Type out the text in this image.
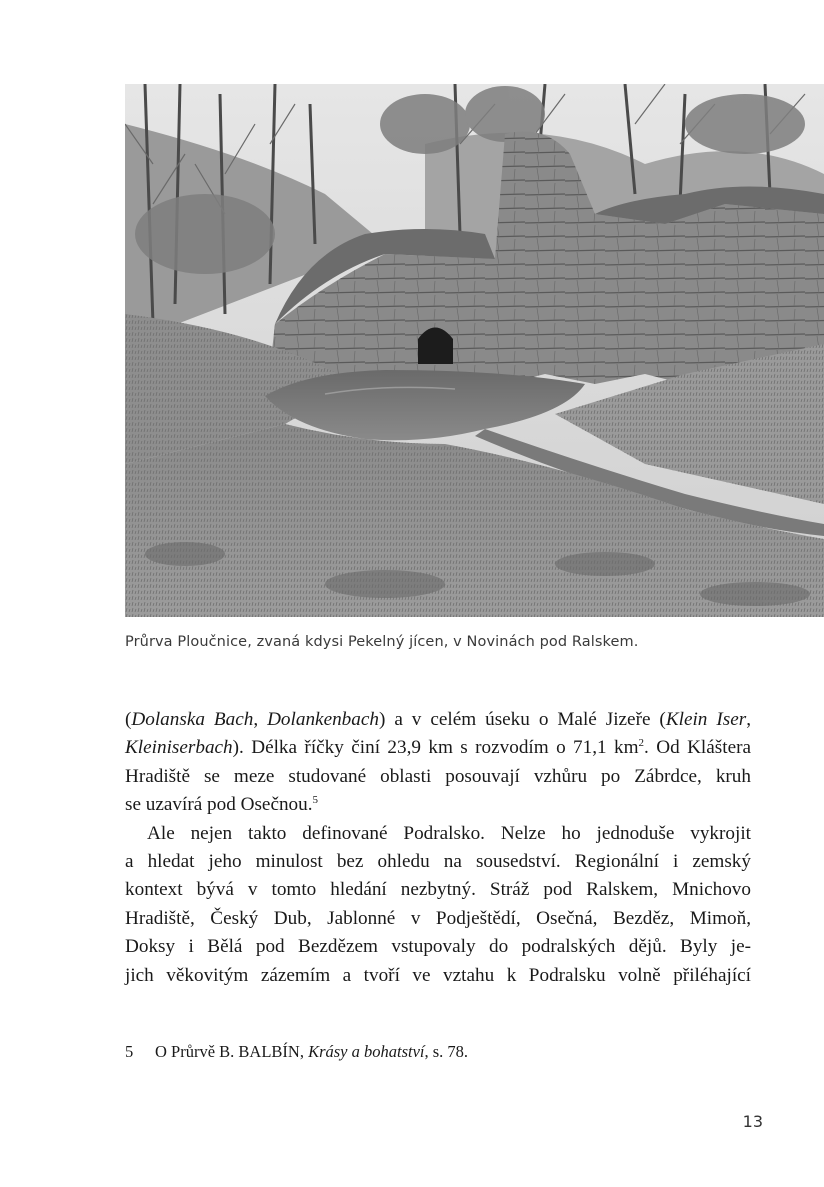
Průrva Ploučnice, zvaná kdysi Pekelný jícen, v Novinách pod Ralskem.
(Dolanska Bach, Dolankenbach) a v celém úseku o Malé Jizeře (Klein Iser,
Kleiniserbach). Délka říčky činí 23,9 km s rozvodím o 71,1 $km^2$. Od Kláštera
Hradiště se meze studované oblasti posouvají vzhůru po Zábrdce, kruh
se uzavírá pod Osečnou.$^5$
Ale nejen takto definované Podralsko. Nelze ho jednoduše vykrojit
a hledat jeho minulost bez ohledu na sousedství. Regionální i zemský
kontext bývá v tomto hledání nezbytný. Stráž pod Ralskem, Mnichovo
Hradiště, Český Dub, Jablonné v Podještědí, Osečná, Bezděz, Mimoň,
Doksy i Bělá pod Bezdězem vstupovaly do podralských dějů. Byly je-
jich věkovitým zázemím a tvoří ve vztahu k Podralsku volně přiléhající
5 O Průrvě B. BALBÍN, Krásy a bohatství, s. 78.
13
